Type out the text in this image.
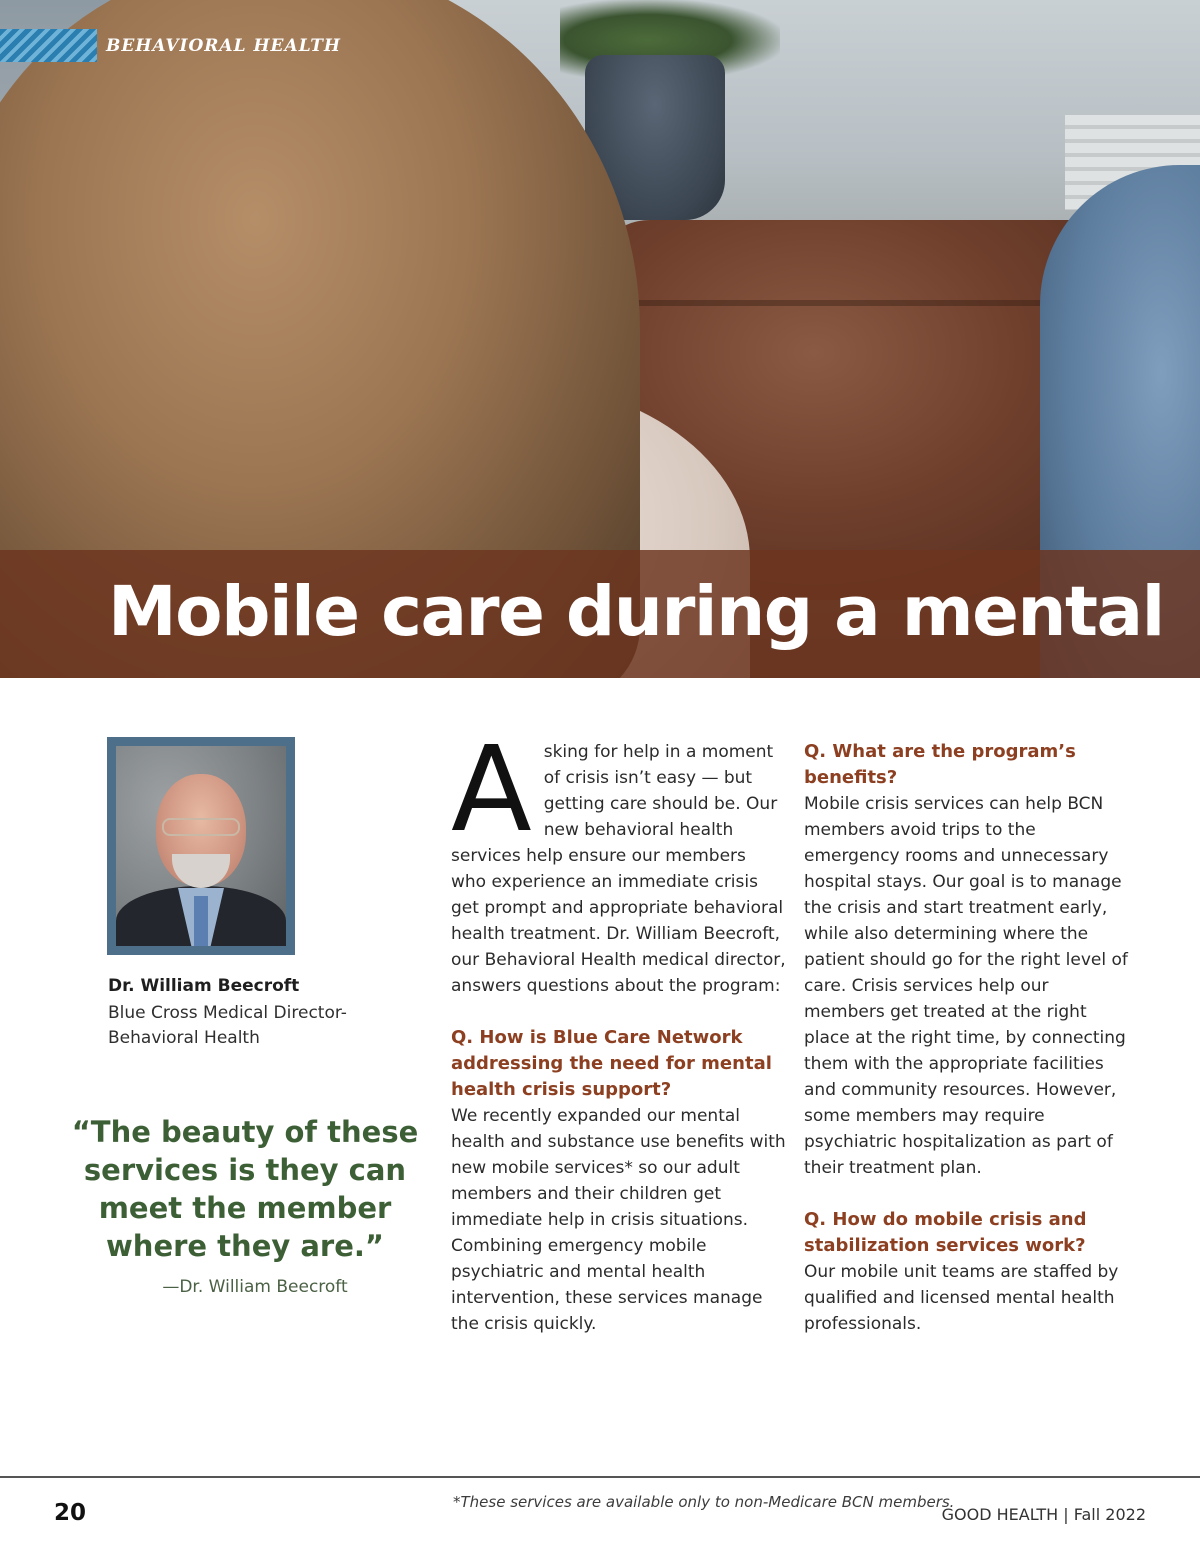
Mobile care during a mental
BEHAVIORAL HEALTH
Dr. William Beecroft
Blue Cross Medical Director-Behavioral Health
“The beauty of these services is they can meet the member where they are.”
—Dr. William Beecroft
A sking for help in a moment of crisis isn’t easy — but getting care should be. Our new behavioral health services help ensure our members who experience an immediate crisis get prompt and appropriate behavioral health treatment. Dr. William Beecroft, our Behavioral Health medical director, answers questions about the program:
Q. How is Blue Care Network addressing the need for mental health crisis support?
We recently expanded our mental health and substance use benefits with new mobile services* so our adult members and their children get immediate help in crisis situations. Combining emergency mobile psychiatric and mental health intervention, these services manage the crisis quickly.
Q. What are the program’s benefits?
Mobile crisis services can help BCN members avoid trips to the emergency rooms and unnecessary hospital stays. Our goal is to manage the crisis and start treatment early, while also determining where the patient should go for the right level of care. Crisis services help our members get treated at the right place at the right time, by connecting them with the appropriate facilities and community resources. However, some members may require psychiatric hospitalization as part of their treatment plan.
Q. How do mobile crisis and stabilization services work?
Our mobile unit teams are staffed by qualified and licensed mental health professionals.
*These services are available only to non-Medicare BCN members.
20	GOOD HEALTH | Fall 2022
